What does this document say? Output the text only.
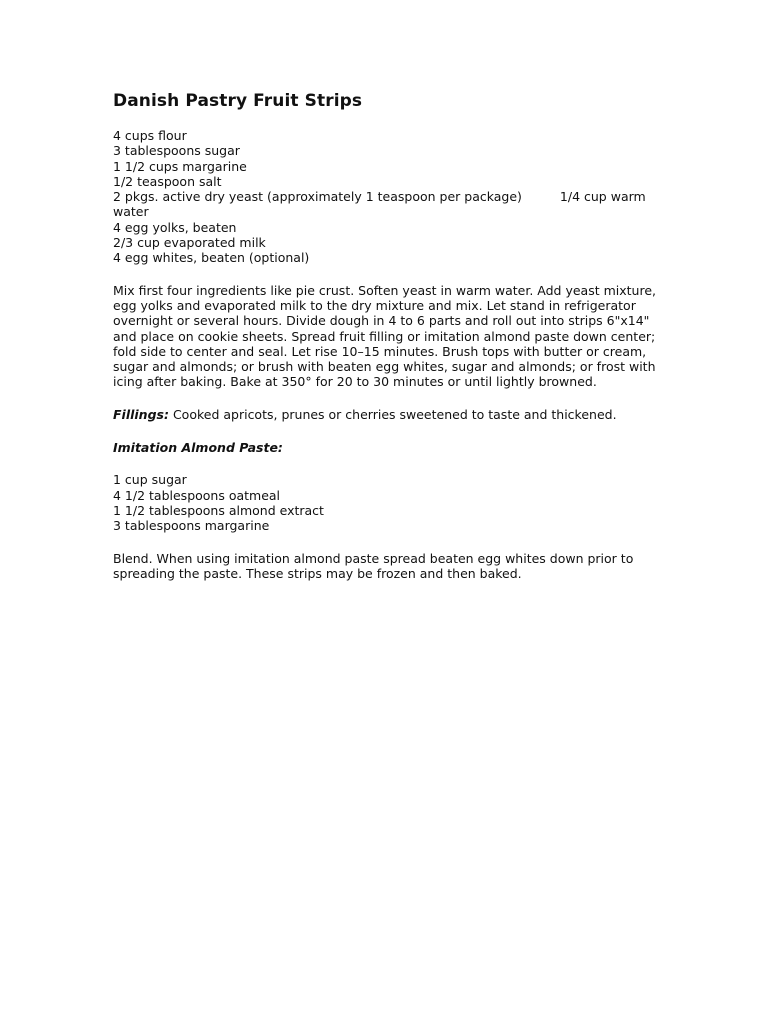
Danish Pastry Fruit Strips
4 cups flour
3 tablespoons sugar
1 1/2 cups margarine
1/2 teaspoon salt
2 pkgs. active dry yeast (approximately 1 teaspoon per package)	1/4 cup warm
water
4 egg yolks, beaten
2/3 cup evaporated milk
4 egg whites, beaten (optional)

Mix first four ingredients like pie crust. Soften yeast in warm water. Add yeast mixture, egg yolks and evaporated milk to the dry mixture and mix. Let stand in refrigerator overnight or several hours. Divide dough in 4 to 6 parts and roll out into strips 6"x14" and place on cookie sheets. Spread fruit filling or imitation almond paste down center; fold side to center and seal. Let rise 10–15 minutes. Brush tops with butter or cream, sugar and almonds; or brush with beaten egg whites, sugar and almonds; or frost with icing after baking. Bake at 350° for 20 to 30 minutes or until lightly browned.

Fillings: Cooked apricots, prunes or cherries sweetened to taste and thickened.

Imitation Almond Paste:

1 cup sugar
4 1/2 tablespoons oatmeal
1 1/2 tablespoons almond extract
3 tablespoons margarine

Blend. When using imitation almond paste spread beaten egg whites down prior to spreading the paste. These strips may be frozen and then baked.
